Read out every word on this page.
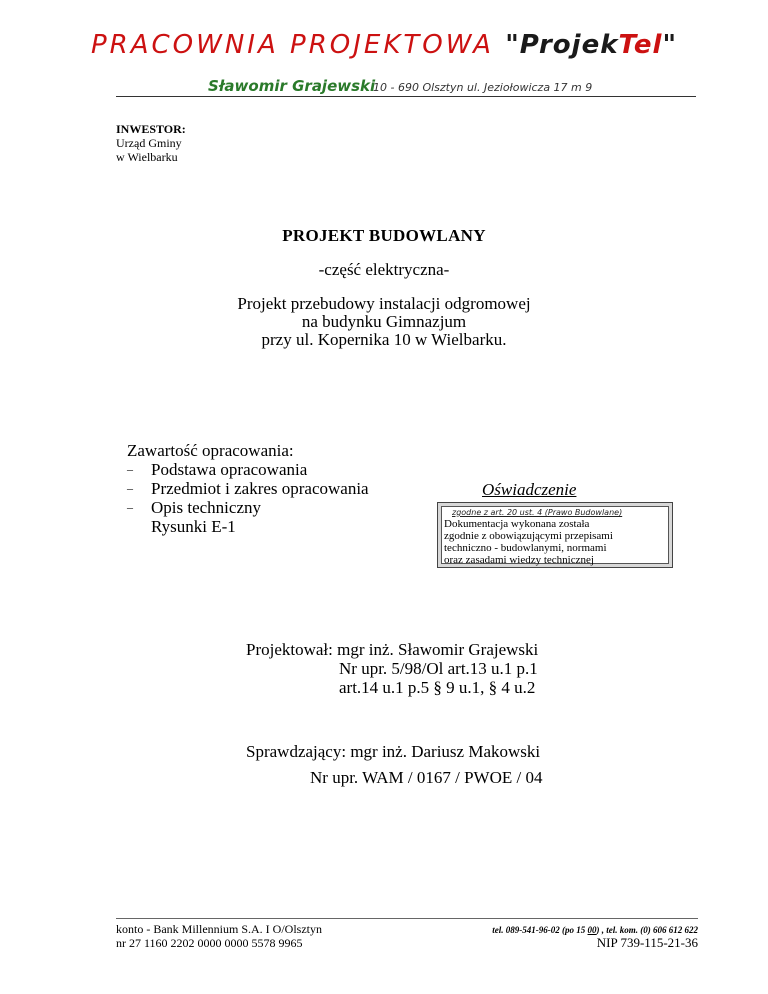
PRACOWNIA PROJEKTOWA "ProjekTel"
Sławomir Grajewski
10 - 690 Olsztyn ul. Jeziołowicza 17 m 9
INWESTOR:
Urząd Gminy
w Wielbarku
PROJEKT BUDOWLANY
-część elektryczna-
Projekt przebudowy instalacji odgromowej
na budynku Gimnazjum
przy ul. Kopernika 10 w Wielbarku.
Zawartość opracowania:
– Podstawa opracowania
– Przedmiot i zakres opracowania
– Opis techniczny
Rysunki E-1
Oświadczenie
zgodne z art. 20 ust. 4 (Prawo Budowlane)
Dokumentacja wykonana została
zgodnie z obowiązującymi przepisami
techniczno - budowlanymi, normami
oraz zasadami wiedzy technicznej
Projektował: mgr inż. Sławomir Grajewski
Nr upr. 5/98/Ol art.13 u.1 p.1
art.14 u.1 p.5 § 9 u.1, § 4 u.2
Sprawdzający: mgr inż. Dariusz Makowski
Nr upr. WAM / 0167 / PWOE / 04
konto - Bank Millennium S.A. I O/Olsztyn
nr 27 1160 2202 0000 0000 5578 9965
tel. 089-541-96-02 (po 15 00) , tel. kom. (0) 606 612 622
NIP 739-115-21-36
